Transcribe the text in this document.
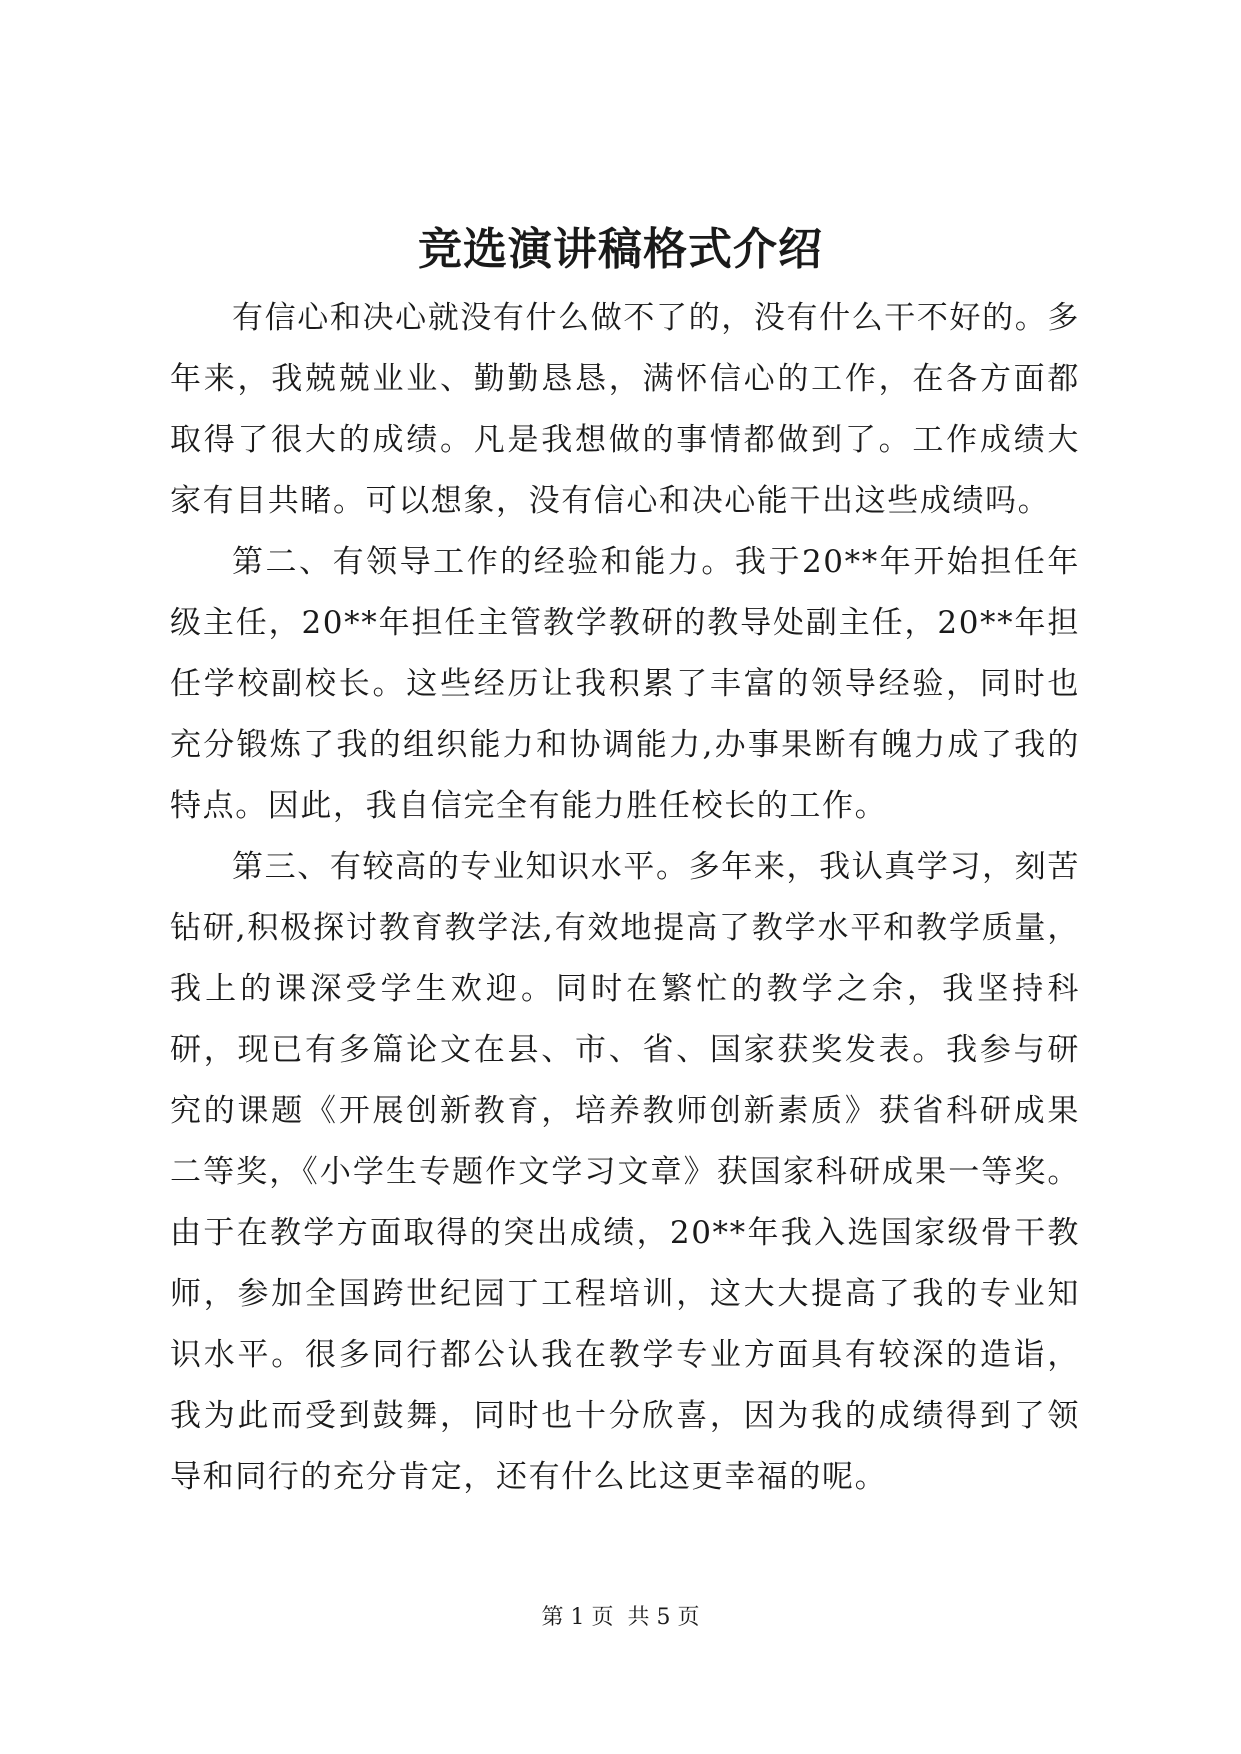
竞选演讲稿格式介绍

有信心和决心就没有什么做不了的，没有什么干不好的。多年来，我兢兢业业、勤勤恳恳，满怀信心的工作，在各方面都取得了很大的成绩。凡是我想做的事情都做到了。工作成绩大家有目共睹。可以想象，没有信心和决心能干出这些成绩吗。

第二、有领导工作的经验和能力。我于20**年开始担任年级主任，20**年担任主管教学教研的教导处副主任，20**年担任学校副校长。这些经历让我积累了丰富的领导经验，同时也充分锻炼了我的组织能力和协调能力,办事果断有魄力成了我的特点。因此，我自信完全有能力胜任校长的工作。

第三、有较高的专业知识水平。多年来，我认真学习，刻苦钻研,积极探讨教育教学法,有效地提高了教学水平和教学质量，我上的课深受学生欢迎。同时在繁忙的教学之余，我坚持科研，现已有多篇论文在县、市、省、国家获奖发表。我参与研究的课题《开展创新教育，培养教师创新素质》获省科研成果二等奖，《小学生专题作文学习文章》获国家科研成果一等奖。由于在教学方面取得的突出成绩，20**年我入选国家级骨干教师，参加全国跨世纪园丁工程培训，这大大提高了我的专业知识水平。很多同行都公认我在教学专业方面具有较深的造诣，我为此而受到鼓舞，同时也十分欣喜，因为我的成绩得到了领导和同行的充分肯定，还有什么比这更幸福的呢。

第 1 页 共 5 页
